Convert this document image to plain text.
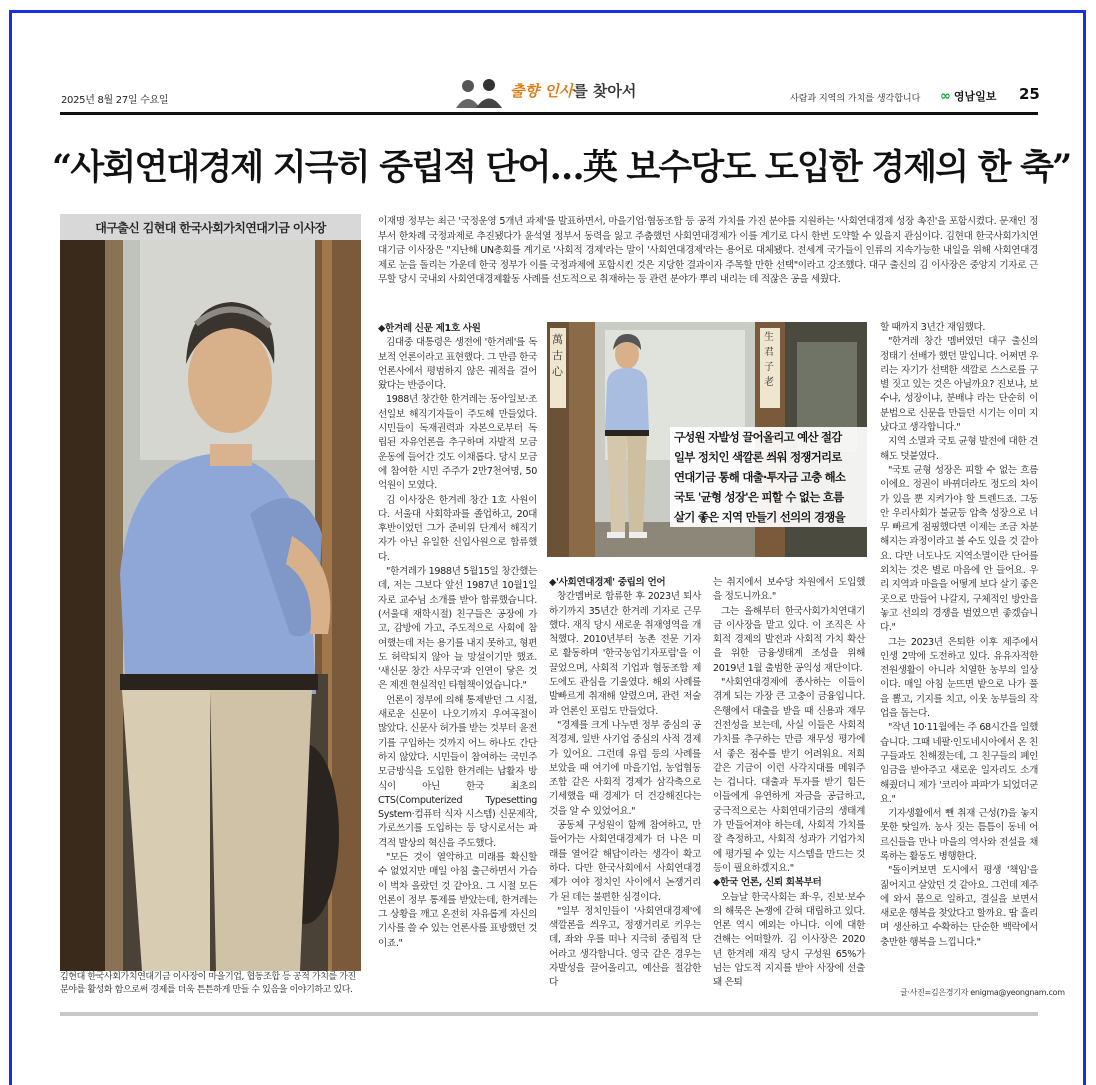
2025년 8월 27일 수요일
출향 인사를 찾아서	사람과 지역의 가치를 생각합니다 ∞ 영남일보 25
“사회연대경제 지극히 중립적 단어…英 보수당도 도입한 경제의 한 축”
대구출신 김현대 한국사회가치연대기금 이사장
김현대 한국사회가치연대기금 이사장이 마을기업, 협동조합 등 공적 가치를 가진 분야를 활성화 함으로써 경제를 더욱 튼튼하게 만들 수 있음을 이야기하고 있다.
이재명 정부는 최근 '국정운영 5개년 과제'를 발표하면서, 마을기업·협동조합 등 공적 가치를 가진 분야를 지원하는 '사회연대경제 성장 촉진'을 포함시켰다. 문재인 정부서 한차례 국정과제로 추진됐다가 윤석열 정부서 동력을 잃고 주춤했던 사회연대경제가 이를 계기로 다시 한번 도약할 수 있을지 관심이다. 김현대 한국사회가치연대기금 이사장은 "지난해 UN총회를 계기로 '사회적 경제'라는 말이 '사회연대경제'라는 용어로 대체됐다. 전세계 국가들이 인류의 지속가능한 내일을 위해 사회연대경제로 눈을 돌리는 가운데 한국 정부가 이를 국정과제에 포함시킨 것은 지당한 결과이자 주목할 만한 선택"이라고 강조했다. 대구 출신의 김 이사장은 중앙지 기자로 근무할 당시 국내외 사회연대경제활동 사례를 선도적으로 취재하는 등 관련 분야가 뿌리 내리는 데 적잖은 공을 세웠다.

◆한겨레 신문 제1호 사원

김대중 대통령은 생전에 '한겨레'를 독보적 언론이라고 표현했다. 그 만큼 한국 언론사에서 평범하지 않은 궤적을 걸어왔다는 반증이다.

1988년 창간한 한겨레는 동아일보·조선일보 해직기자들이 주도해 만들었다. 시민들이 독재권력과 자본으로부터 독립된 자유언론을 추구하며 자발적 모금운동에 들어간 것도 이채롭다. 당시 모금에 참여한 시민 주주가 2만7천여명, 50억원이 모였다.

김 이사장은 한겨레 창간 1호 사원이다. 서울대 사회학과를 졸업하고, 20대 후반이었던 그가 준비위 단계서 해직기자가 아닌 유일한 신입사원으로 합류했다.

"한겨레가 1988년 5월15일 창간했는데, 저는 그보다 앞선 1987년 10월1일자로 교수님 소개를 받아 합류했습니다. (서울대 재학시절) 친구들은 공장에 가고, 감방에 가고, 주도적으로 사회에 참여했는데 저는 용기를 내지 못하고, 형편도 허락되지 않아 늘 망설이기만 했죠. '새신문 창간 사무국'과 인연이 닿은 것은 제겐 현실적인 타협책이었습니다."

언론이 정부에 의해 통제받던 그 시절, 새로운 신문이 나오기까지 우여곡절이 많았다. 신문사 허가를 받는 것부터 윤전기를 구입하는 것까지 어느 하나도 간단하지 않았다. 시민들이 참여하는 국민주 모금방식을 도입한 한겨레는 납활자 방식이 아닌 한국 최초의 CTS(Computerized Typesetting System·컴퓨터 식자 시스템) 신문제작, 가로쓰기를 도입하는 등 당시로서는 파격적 발상의 혁신을 주도했다.

"모든 것이 열악하고 미래를 확신할 수 없었지만 매일 아침 출근하면서 가슴이 벅차 올랐던 것 같아요. 그 시절 모든 언론이 정부 통제를 받았는데, 한겨레는 그 상황을 깨고 온전히 자유롭게 자신의 기사를 쓸 수 있는 언론사를 표방했던 것이죠."

萬古心
生君子老
구성원 자발성 끌어올리고 예산 절감
일부 정치인 색깔론 씌워 정쟁거리로
연대기금 통해 대출·투자금 고충 해소
국토 '균형 성장'은 피할 수 없는 흐름
살기 좋은 지역 만들기 선의의 경쟁을

◆'사회연대경제' 중립의 언어

창간멤버로 합류한 후 2023년 퇴사하기까지 35년간 한겨레 기자로 근무했다. 재직 당시 새로운 취재영역을 개척했다. 2010년부터 농촌 전문 기자로 활동하며 '한국농업기자포럼'을 이끌었으며, 사회적 기업과 협동조합 제도에도 관심을 기울였다. 해외 사례를 발빠르게 취재해 알렸으며, 관련 저술과 언론인 포럼도 만들었다.

"경제를 크게 나누면 정부 중심의 공적경제, 일반 사기업 중심의 사적 경제가 있어요. 그런데 유럽 등의 사례를 보았을 때 여기에 마을기업, 농업협동조합 같은 사회적 경제가 삼각축으로 기세했을 때 경제가 더 건강해진다는 것을 알 수 있었어요."

공동체 구성원이 함께 참여하고, 만들어가는 사회연대경제가 더 나은 미래를 열어갈 해답이라는 생각이 확고하다. 다만 한국사회에서 사회연대경제가 여야 정치인 사이에서 논쟁거리가 된 데는 불편한 심경이다.

"일부 정치인들이 '사회연대경제'에 색깔론을 씌우고, 정쟁거리로 키우는데, 좌와 우를 떠나 지극히 중립적 단어라고 생각합니다. 영국 같은 경우는 자발성을 끌어올리고, 예산을 절감한다

는 취지에서 보수당 차원에서 도입했을 정도니까요."

그는 올해부터 한국사회가치연대기금 이사장을 맡고 있다. 이 조직은 사회적 경제의 발전과 사회적 가치 확산을 위한 금융생태계 조성을 위해 2019년 1월 출범한 공익성 재단이다.

"사회연대경제에 종사하는 이들이 겪게 되는 가장 큰 고충이 금융입니다. 은행에서 대출을 받을 때 신용과 재무건전성을 보는데, 사실 이들은 사회적 가치를 추구하는 만큼 재무성 평가에서 좋은 점수를 받기 어려워요. 저희 같은 기금이 이런 사각지대를 메워주는 겁니다. 대출과 투자를 받기 힘든 이들에게 유연하게 자금을 공급하고, 궁극적으로는 사회연대기금의 생태계가 만들어져야 하는데, 사회적 가치를 잘 측정하고, 사회적 성과가 기업가치에 평가될 수 있는 시스템을 만드는 것 등이 필요하겠지요."

◆한국 언론, 신뢰 회복부터

오늘날 한국사회는 좌·우, 진보·보수의 해묵은 논쟁에 갇혀 대립하고 있다. 언론 역시 예외는 아니다. 이에 대한 견해는 어떠할까. 김 이사장은 2020년 한겨레 재직 당시 구성원 65%가 넘는 압도적 지지를 받아 사장에 선출돼 은퇴

할 때까지 3년간 재임했다.

"한겨레 창간 멤버였던 대구 출신의 정태기 선배가 했던 말입니다. 어쩌면 우리는 자기가 선택한 색깔로 스스로를 구별 짓고 있는 것은 아닐까요? 진보냐, 보수냐, 성장이냐, 분배냐 라는 단순히 이분법으로 신문을 만들던 시기는 이미 지났다고 생각합니다."

지역 소멸과 국토 균형 발전에 대한 견해도 덧붙였다.

"국토 균형 성장은 피할 수 없는 흐름이에요. 정권이 바뀌더라도 정도의 차이가 있을 뿐 지켜가야 할 트렌드죠. 그동안 우리사회가 불균등 압축 성장으로 너무 빠르게 점핑했다면 이제는 조금 차분해지는 과정이라고 볼 수도 있을 것 같아요. 다만 너도나도 지역소멸이란 단어를 외치는 것은 별로 마음에 안 들어요. 우리 지역과 마을을 어떻게 보다 살기 좋은 곳으로 만들어 나갈지, 구체적인 방안을 놓고 선의의 경쟁을 벌였으면 좋겠습니다."

그는 2023년 은퇴한 이후 제주에서 인생 2막에 도전하고 있다. 유유자적한 전원생활이 아니라 치열한 농부의 일상이다. 매일 아침 눈뜨면 밭으로 나가 풀을 뽑고, 기지를 치고, 이웃 농부들의 작업을 돕는다.

"작년 10·11월에는 주 68시간을 일했습니다. 그때 네팔·인도네시아에서 온 친구들과도 친해졌는데, 그 친구들의 폐인 임금을 받아주고 새로운 일자리도 소개해줬더니 제가 '코리아 파파'가 되었더군요."

기자생활에서 뺀 취재 근성(?)을 놓지 못한 탓일까. 농사 짓는 틈틈이 동네 어르신들을 만나 마을의 역사와 전설을 채록하는 활동도 병행한다.

"돌이켜보면 도시에서 평생 '책임'을 짊어지고 살았던 것 같아요. 그런데 제주에 와서 몸으로 일하고, 결실을 보면서 새로운 행복을 찾았다고 할까요. 땀 흘리며 생산하고 수확하는 단순한 백락에서 충만한 행복을 느낍니다."

글·사진=김은경기자 enigma@yeongnam.com
